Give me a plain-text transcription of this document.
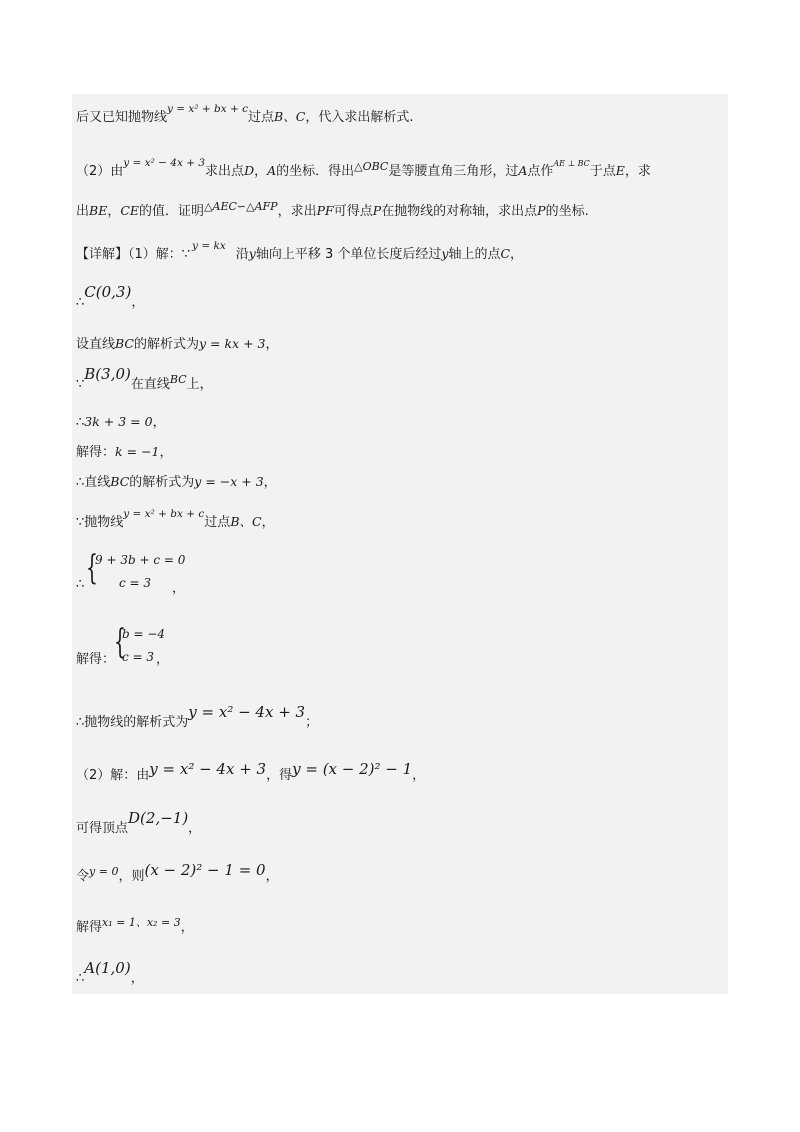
后又已知抛物线$^{y = x^2 + bx + c}$过点B、C，代入求出解析式.
（2）由$^{y = x^2 - 4x + 3}$求出点D，A的坐标．得出$^{\triangle OBC}$是等腰直角三角形，过A点作$^{AE \perp BC}$于点E，求
出BE，CE的值．证明$^{\triangle AEC∽\triangle AFP}$，求出PF可得点P在抛物线的对称轴，求出点P的坐标.
【详解】（1）解：∵$^{y = kx}$沿y轴向上平移 3 个单位长度后经过y轴上的点C，
∴C(0,3)，
设直线BC的解析式为y = kx + 3，
∵B(3,0)在直线$^{BC}$上，
∴3k + 3 = 0，
解得：k = −1，
∴直线BC的解析式为y = −x + 3，
∵抛物线$^{y = x^2 + bx + c}$过点B、C，
∴ {
9 + 3b + c = 0
c = 3 ，
解得：
{
b = −4
c = 3 ，
∴抛物线的解析式为y = x² − 4x + 3；
（2）解：由y = x² − 4x + 3，得y = (x − 2)² − 1，
可得顶点D(2,−1)，
令$^{y = 0}$，则(x − 2)² − 1 = 0，
解得$^{x_1 = 1、x_2 = 3}$，
∴A(1,0)，
